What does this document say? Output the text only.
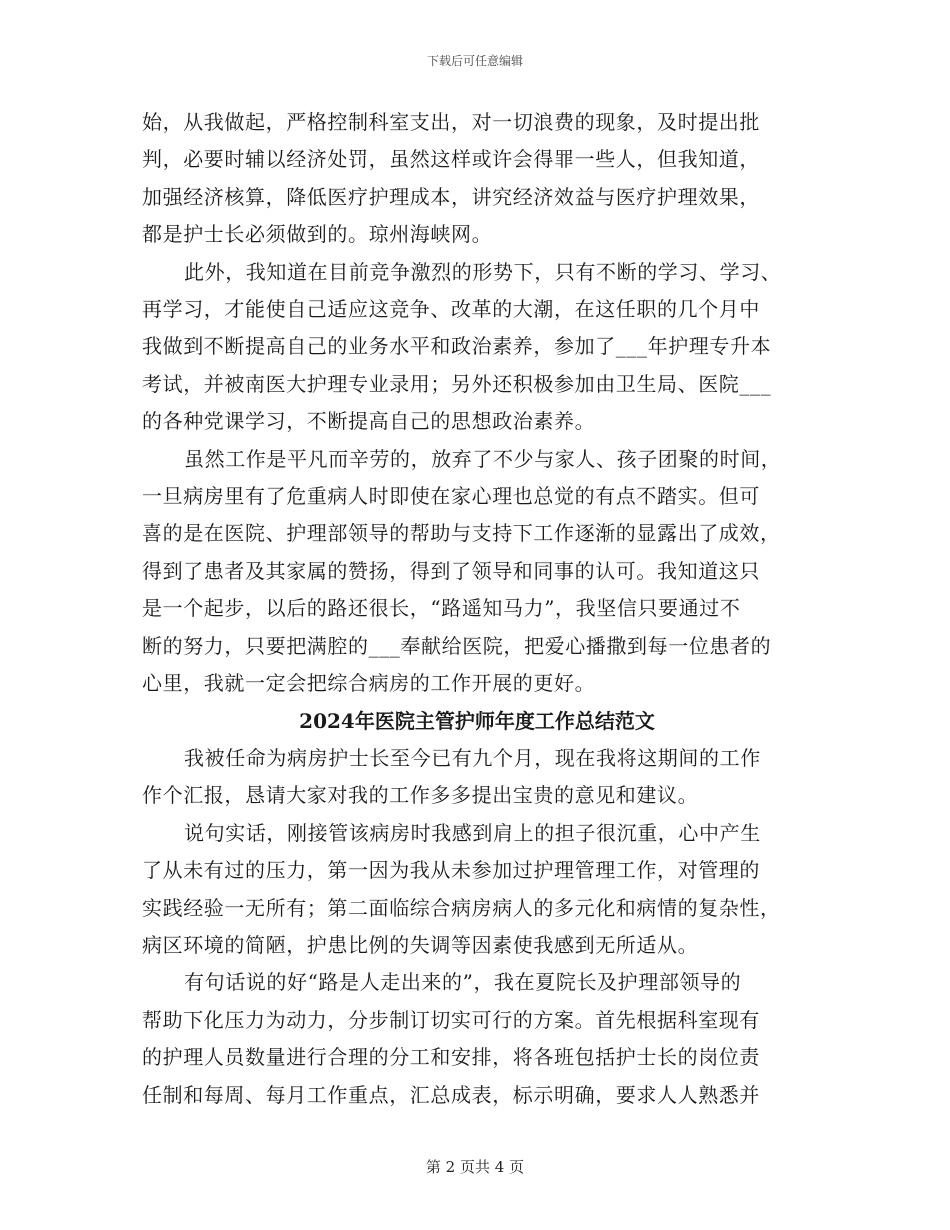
下载后可任意编辑
始，从我做起，严格控制科室支出，对一切浪费的现象，及时提出批
判，必要时辅以经济处罚，虽然这样或许会得罪一些人，但我知道，
加强经济核算，降低医疗护理成本，讲究经济效益与医疗护理效果，
都是护士长必须做到的。琼州海峡网。
此外，我知道在目前竞争激烈的形势下，只有不断的学习、学习、
再学习，才能使自己适应这竞争、改革的大潮，在这任职的几个月中
我做到不断提高自己的业务水平和政治素养，参加了___年护理专升本
考试，并被南医大护理专业录用；另外还积极参加由卫生局、医院___
的各种党课学习，不断提高自己的思想政治素养。
虽然工作是平凡而辛劳的，放弃了不少与家人、孩子团聚的时间，
一旦病房里有了危重病人时即使在家心理也总觉的有点不踏实。但可
喜的是在医院、护理部领导的帮助与支持下工作逐渐的显露出了成效，
得到了患者及其家属的赞扬，得到了领导和同事的认可。我知道这只
是一个起步，以后的路还很长，“路遥知马力”，我坚信只要通过不
断的努力，只要把满腔的___奉献给医院，把爱心播撒到每一位患者的
心里，我就一定会把综合病房的工作开展的更好。
2024年医院主管护师年度工作总结范文
我被任命为病房护士长至今已有九个月，现在我将这期间的工作
作个汇报，恳请大家对我的工作多多提出宝贵的意见和建议。
说句实话，刚接管该病房时我感到肩上的担子很沉重，心中产生
了从未有过的压力，第一因为我从未参加过护理管理工作，对管理的
实践经验一无所有；第二面临综合病房病人的多元化和病情的复杂性，
病区环境的简陋，护患比例的失调等因素使我感到无所适从。
有句话说的好“路是人走出来的”，我在夏院长及护理部领导的
帮助下化压力为动力，分步制订切实可行的方案。首先根据科室现有
的护理人员数量进行合理的分工和安排，将各班包括护士长的岗位责
任制和每周、每月工作重点，汇总成表，标示明确，要求人人熟悉并
第 2 页共 4 页
